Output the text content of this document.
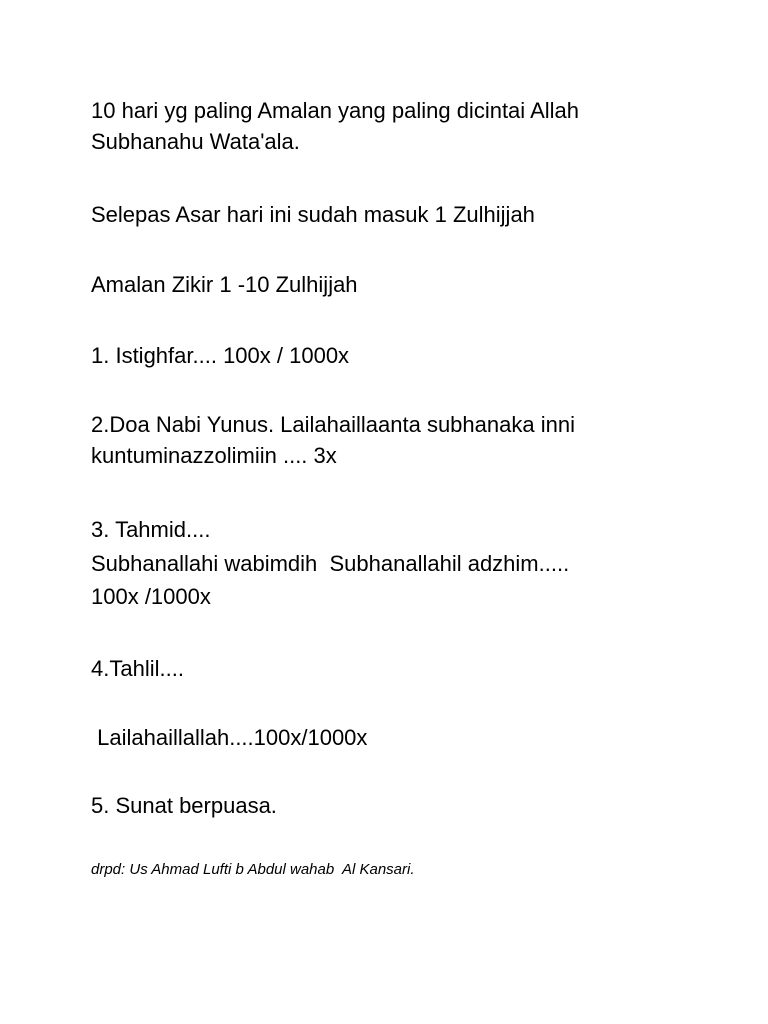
10 hari yg paling Amalan yang paling dicintai Allah
Subhanahu Wata'ala.
Selepas Asar hari ini sudah masuk 1 Zulhijjah
Amalan Zikir 1 -10 Zulhijjah
1. Istighfar.... 100x / 1000x
2.Doa Nabi Yunus. Lailahaillaanta subhanaka inni
kuntuminazzolimiin .... 3x
3. Tahmid....
Subhanallahi wabimdih  Subhanallahil adzhim.....
100x /1000x
4.Tahlil....
Lailahaillallah....100x/1000x
5. Sunat berpuasa.
drpd: Us Ahmad Lufti b Abdul wahab  Al Kansari.
